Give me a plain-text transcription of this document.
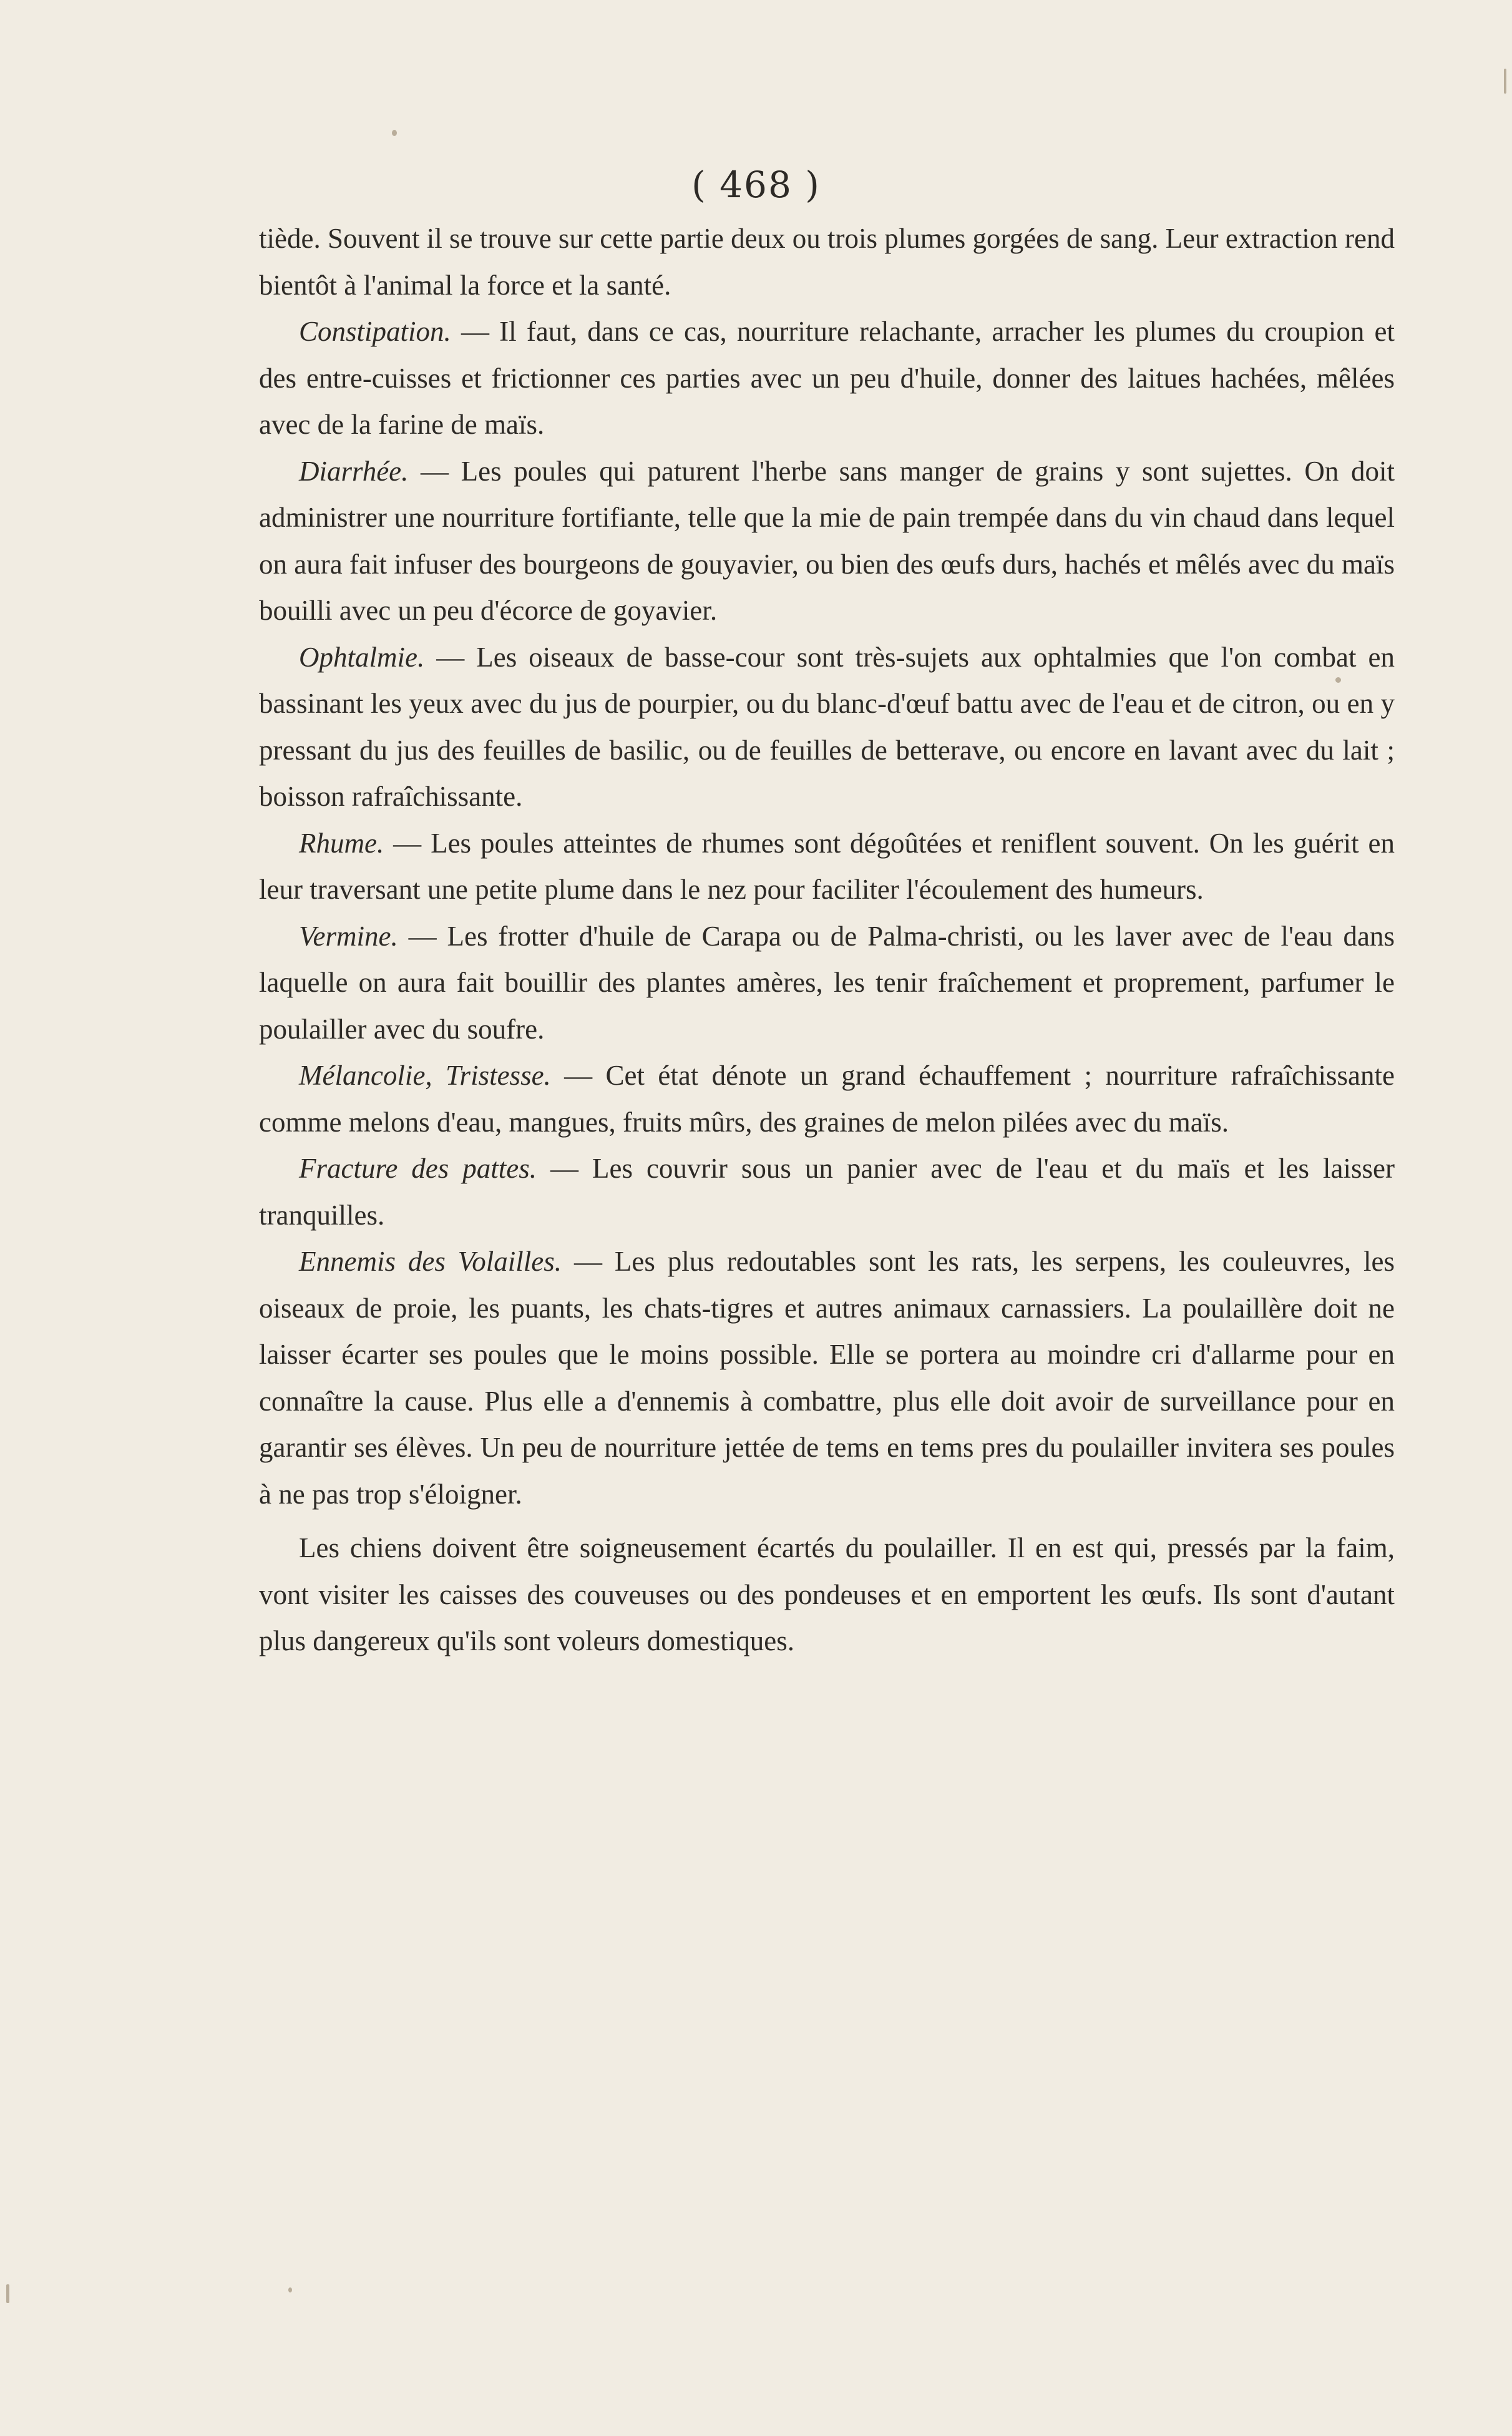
( 468 )

tiède. Souvent il se trouve sur cette partie deux ou trois plumes gorgées de sang. Leur extraction rend bientôt à l'animal la force et la santé.

Constipation. — Il faut, dans ce cas, nourriture relachante, arracher les plumes du croupion et des entre-cuisses et frictionner ces parties avec un peu d'huile, donner des laitues hachées, mêlées avec de la farine de maïs.

Diarrhée. — Les poules qui paturent l'herbe sans manger de grains y sont sujettes. On doit administrer une nourriture fortifiante, telle que la mie de pain trempée dans du vin chaud dans lequel on aura fait infuser des bourgeons de gouyavier, ou bien des œufs durs, hachés et mêlés avec du maïs bouilli avec un peu d'écorce de goyavier.

Ophtalmie. — Les oiseaux de basse-cour sont très-sujets aux ophtalmies que l'on combat en bassinant les yeux avec du jus de pourpier, ou du blanc-d'œuf battu avec de l'eau et de citron, ou en y pressant du jus des feuilles de basilic, ou de feuilles de betterave, ou encore en lavant avec du lait ; boisson rafraîchissante.

Rhume. — Les poules atteintes de rhumes sont dégoûtées et reniflent souvent. On les guérit en leur traversant une petite plume dans le nez pour faciliter l'écoulement des humeurs.

Vermine. — Les frotter d'huile de Carapa ou de Palma-christi, ou les laver avec de l'eau dans laquelle on aura fait bouillir des plantes amères, les tenir fraîchement et proprement, parfumer le poulailler avec du soufre.

Mélancolie, Tristesse. — Cet état dénote un grand échauffement ; nourriture rafraîchissante comme melons d'eau, mangues, fruits mûrs, des graines de melon pilées avec du maïs.

Fracture des pattes. — Les couvrir sous un panier avec de l'eau et du maïs et les laisser tranquilles.

Ennemis des Volailles. — Les plus redoutables sont les rats, les serpens, les couleuvres, les oiseaux de proie, les puants, les chats-tigres et autres animaux carnassiers. La poulaillère doit ne laisser écarter ses poules que le moins possible. Elle se portera au moindre cri d'allarme pour en connaître la cause. Plus elle a d'ennemis à combattre, plus elle doit avoir de surveillance pour en garantir ses élèves. Un peu de nourriture jettée de tems en tems pres du poulailler invitera ses poules à ne pas trop s'éloigner.

Les chiens doivent être soigneusement écartés du poulailler. Il en est qui, pressés par la faim, vont visiter les caisses des couveuses ou des pondeuses et en emportent les œufs. Ils sont d'autant plus dangereux qu'ils sont voleurs domestiques.
